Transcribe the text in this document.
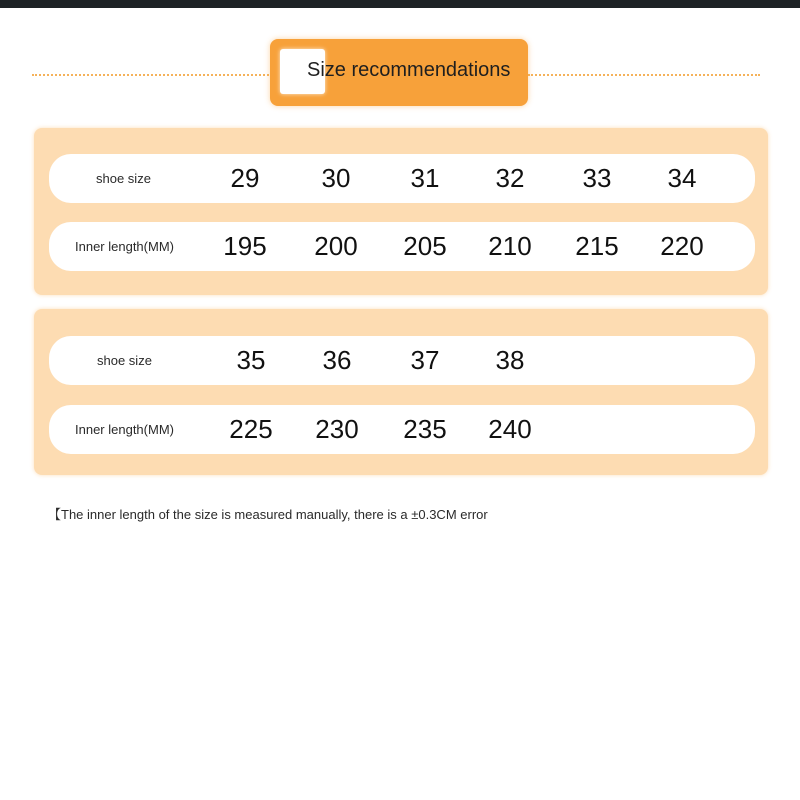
Size recommendations
shoe size	29	30	31	32	33	34
Inner length(MM)	195	200	205	210	215	220
shoe size	35	36	37	38
Inner length(MM)	225	230	235	240
【The inner length of the size is measured manually, there is a ±0.3CM error
